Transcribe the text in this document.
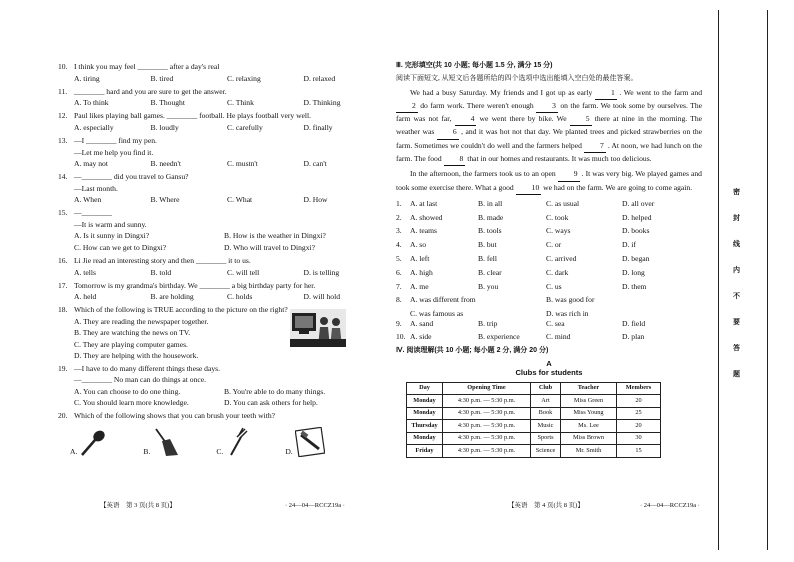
10. I think you may feel ________ after a day's real
A. tiring	B. tired	C. relaxing	D. relaxed
11. ________ hard and you are sure to get the answer.
A. To think	B. Thought	C. Think	D. Thinking
12. Paul likes playing ball games. ________ football. He plays football very well.
A. especially	B. loudly	C. carefully	D. finally
13. —I ________ find my pen.
—Let me help you find it.
A. may not	B. needn't	C. mustn't	D. can't
14. —________ did you travel to Gansu?
—Last month.
A. When	B. Where	C. What	D. How
15. —________
—It is warm and sunny.
A. Is it sunny in Dingxi?	B. How is the weather in Dingxi?
C. How can we get to Dingxi?	D. Who will travel to Dingxi?
16. Li Jie read an interesting story and then ________ it to us.
A. tells	B. told	C. will tell	D. is telling
17. Tomorrow is my grandma's birthday. We ________ a big birthday party for her.
A. held	B. are holding	C. holds	D. will hold
18. Which of the following is TRUE according to the picture on the right?
A. They are reading the newspaper together.
B. They are watching the news on TV.
C. They are playing computer games.
D. They are helping with the housework.
19. —I have to do many different things these days.
—________ No man can do things at once.
A. You can choose to do one thing.	B. You're able to do many things.
C. You should learn more knowledge.	D. You can ask others for help.
20. Which of the following shows that you can brush your teeth with?
A.	B.	C.	D.
【英语　第 3 页(共 8 页)】	· 24—04—RCCZ19a ·
Ⅲ. 完形填空(共 10 小题; 每小题 1.5 分, 满分 15 分)
阅读下面短文, 从短文后各题所给的四个选项中选出能填入空白处的最佳答案。

We had a busy Saturday. My friends and I got up as early 1 . We went to the farm and 2 do farm work. There weren't enough 3 on the farm. We took some by ourselves. The farm was not far, 4 we went there by bike. We 5 there at nine in the morning. The weather was 6 , and it was hot not that day. We planted trees and picked strawberries on the farm. Sometimes we couldn't do well and the farmers helped 7 . At noon, we had lunch on the farm. The food 8 that in our homes and restaurants. It was much too delicious.

In the afternoon, the farmers took us to an open 9 . It was very big. We played games and took some exercise there. What a good 10 we had on the farm. We are going to come again.

1.	A. at last	B. in all	C. as usual	D. all over
2.	A. showed	B. made	C. took	D. helped
3.	A. teams	B. tools	C. ways	D. books
4.	A. so	B. but	C. or	D. if
5.	A. left	B. fell	C. arrived	D. began
6.	A. high	B. clear	C. dark	D. long
7.	A. me	B. you	C. us	D. them
8.	A. was different from	B. was good for
C. was famous as	D. was rich in
9.	A. sand	B. trip	C. sea	D. field
10. A. side	B. experience	C. mind	D. plan
Ⅳ. 阅读理解(共 10 小题; 每小题 2 分, 满分 20 分)
A
Clubs for students
Day	Opening Time	Club	Teacher	Members
Monday	4:30 p.m. — 5:30 p.m.	Art	Miss Green	20
Monday	4:30 p.m. — 5:30 p.m.	Book	Miss Young	25
Thursday	4:30 p.m. — 5:30 p.m.	Music	Ms. Lee	20
Monday	4:30 p.m. — 5:30 p.m.	Sports	Miss Brown	30
Friday	4:30 p.m. — 5:30 p.m.	Science	Mr. Smith	15
【英语　第 4 页(共 8 页)】	· 24—04—RCCZ19a ·
密
封
线
内
不
要
答
题
